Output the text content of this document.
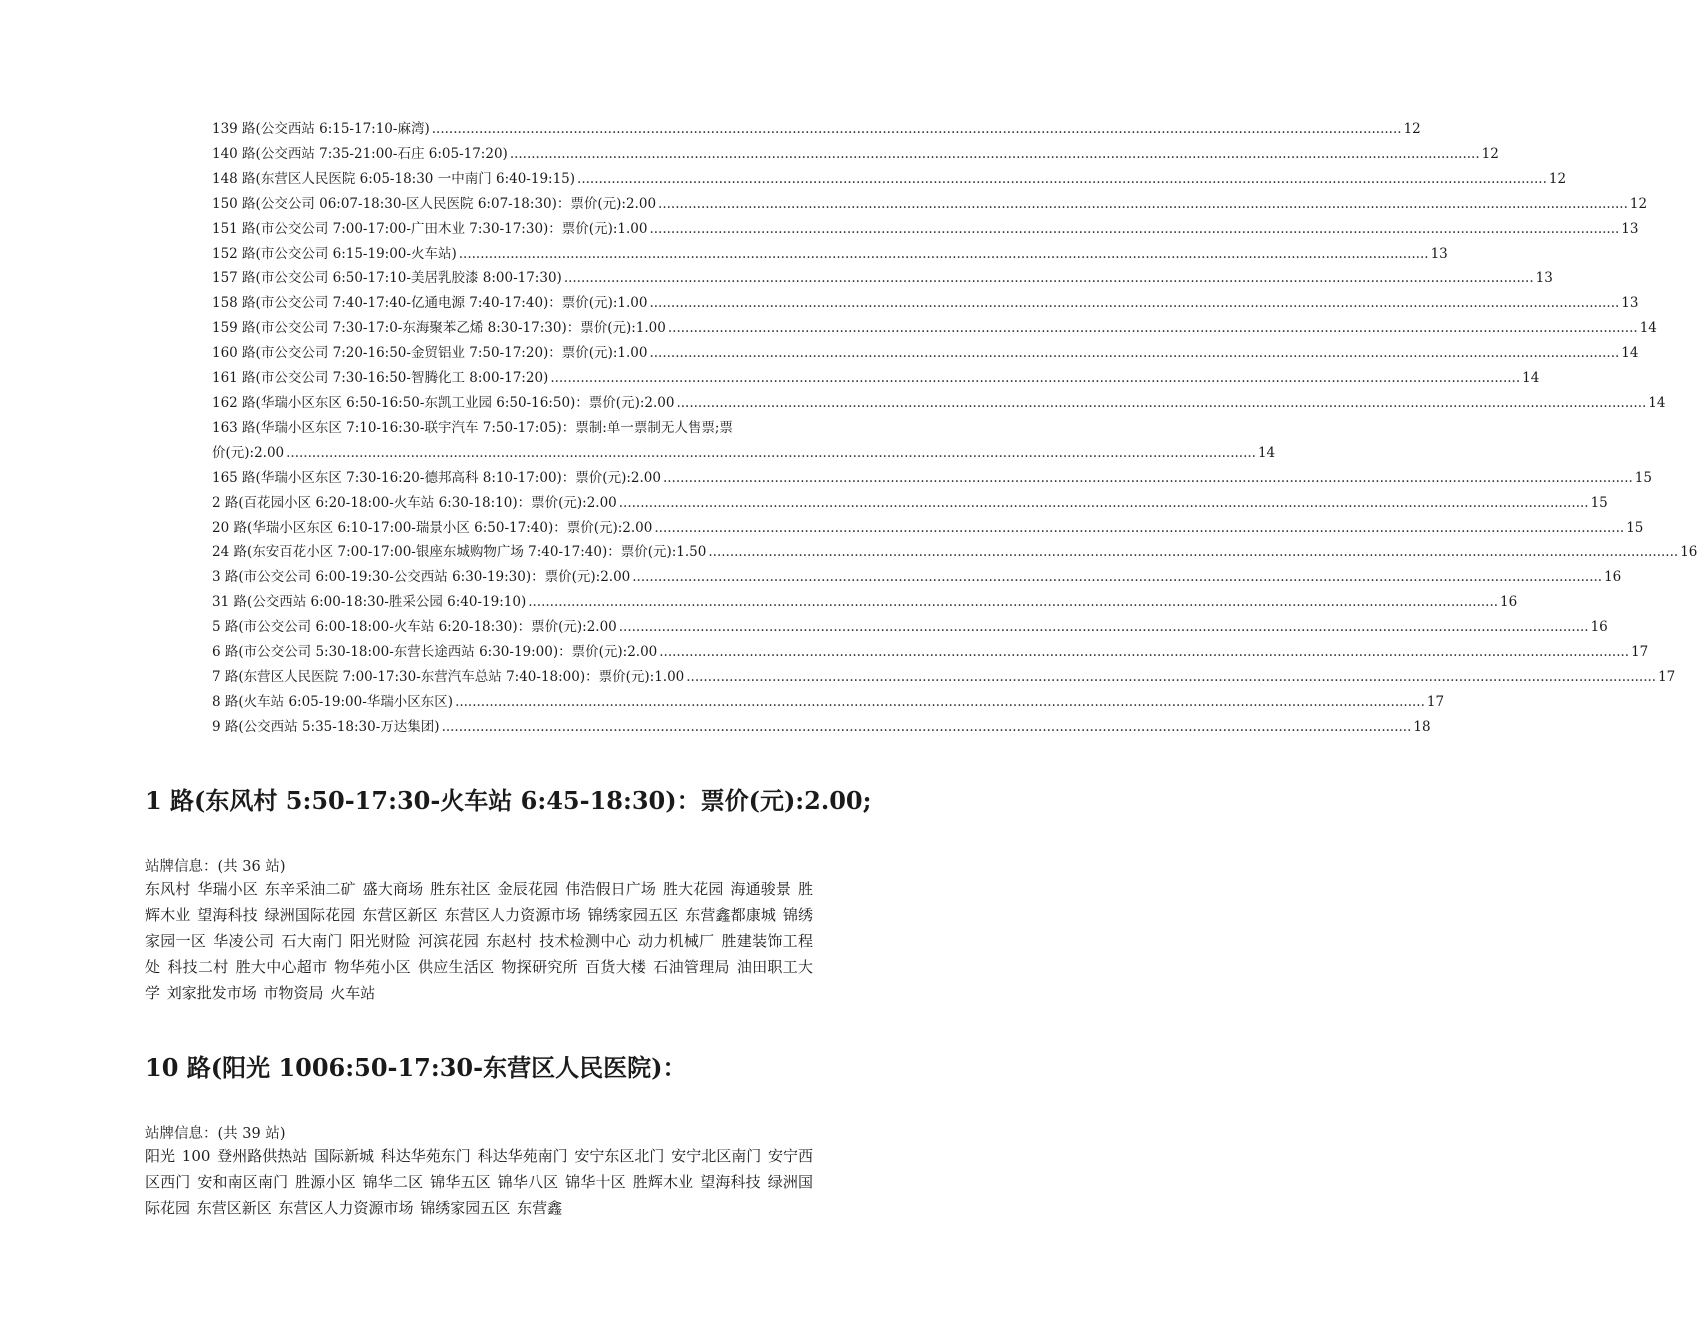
139 路(公交西站 6:15-17:10-麻湾) .....	12
140 路(公交西站 7:35-21:00-石庄 6:05-17:20) .....	12
148 路(东营区人民医院 6:05-18:30 一中南门 6:40-19:15) .....	12
150 路(公交公司 06:07-18:30-区人民医院 6:07-18:30)：票价(元):2.00 .....	12
151 路(市公交公司 7:00-17:00-广田木业 7:30-17:30)：票价(元):1.00 .....	13
152 路(市公交公司 6:15-19:00-火车站) .....	13
157 路(市公交公司 6:50-17:10-美居乳胶漆 8:00-17:30) .....	13
158 路(市公交公司 7:40-17:40-亿通电源 7:40-17:40)：票价(元):1.00 .....	13
159 路(市公交公司 7:30-17:0-东海聚苯乙烯 8:30-17:30)：票价(元):1.00 .....	14
160 路(市公交公司 7:20-16:50-金贸铝业 7:50-17:20)：票价(元):1.00 .....	14
161 路(市公交公司 7:30-16:50-智腾化工 8:00-17:20) .....	14
162 路(华瑞小区东区 6:50-16:50-东凯工业园 6:50-16:50)：票价(元):2.00 .....	14
163 路(华瑞小区东区 7:10-16:30-联宇汽车 7:50-17:05)：票制:单一票制无人售票;票
价(元):2.00 .....	14
165 路(华瑞小区东区 7:30-16:20-德邦高科 8:10-17:00)：票价(元):2.00 .....	15
2 路(百花园小区 6:20-18:00-火车站 6:30-18:10)：票价(元):2.00 .....	15
20 路(华瑞小区东区 6:10-17:00-瑞景小区 6:50-17:40)：票价(元):2.00 .....	15
24 路(东安百花小区 7:00-17:00-银座东城购物广场 7:40-17:40)：票价(元):1.50 .....	16
3 路(市公交公司 6:00-19:30-公交西站 6:30-19:30)：票价(元):2.00 .....	16
31 路(公交西站 6:00-18:30-胜采公园 6:40-19:10) .....	16
5 路(市公交公司 6:00-18:00-火车站 6:20-18:30)：票价(元):2.00 .....	16
6 路(市公交公司 5:30-18:00-东营长途西站 6:30-19:00)：票价(元):2.00 .....	17
7 路(东营区人民医院 7:00-17:30-东营汽车总站 7:40-18:00)：票价(元):1.00 .....	17
8 路(火车站 6:05-19:00-华瑞小区东区) .....	17
9 路(公交西站 5:35-18:30-万达集团) .....	18
1 路(东风村 5:50-17:30-火车站 6:45-18:30)：票价(元):2.00;

站牌信息：(共 36 站)

东风村 华瑞小区 东辛采油二矿 盛大商场 胜东社区 金辰花园 伟浩假日广场 胜大花园 海通骏景 胜辉木业 望海科技 绿洲国际花园 东营区新区 东营区人力资源市场 锦绣家园五区 东营鑫都康城 锦绣家园一区 华凌公司 石大南门 阳光财险 河滨花园 东赵村 技术检测中心 动力机械厂 胜建装饰工程处 科技二村 胜大中心超市 物华苑小区 供应生活区 物探研究所 百货大楼 石油管理局 油田职工大学 刘家批发市场 市物资局 火车站

10 路(阳光 1006:50-17:30-东营区人民医院)：

站牌信息：(共 39 站)

阳光 100 登州路供热站 国际新城 科达华苑东门 科达华苑南门 安宁东区北门 安宁北区南门 安宁西区西门 安和南区南门 胜源小区 锦华二区 锦华五区 锦华八区 锦华十区 胜辉木业 望海科技 绿洲国际花园 东营区新区 东营区人力资源市场 锦绣家园五区 东营鑫
